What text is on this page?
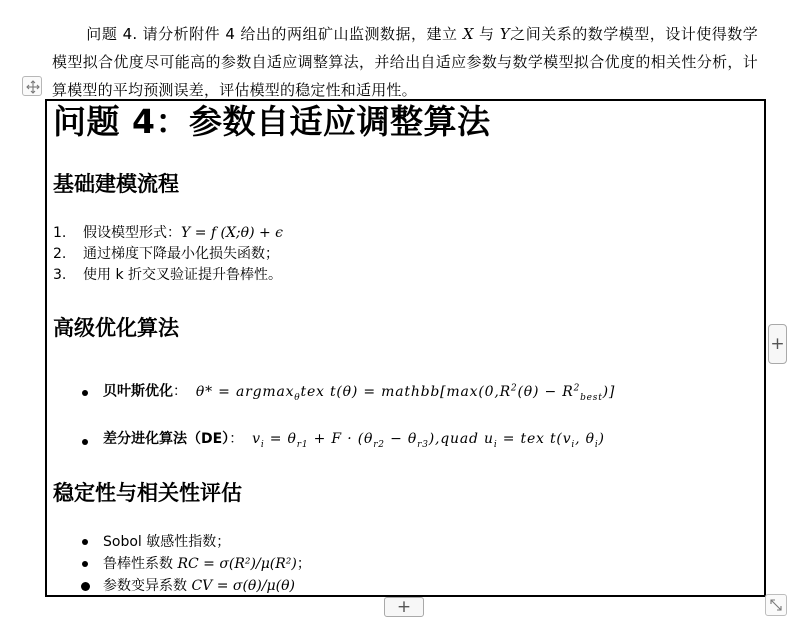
问题 4. 请分析附件 4 给出的两组矿山监测数据，建立 X 与 Y之间关系的数学模型，设计使得数学模型拟合优度尽可能高的参数自适应调整算法，并给出自适应参数与数学模型拟合优度的相关性分析，计算模型的平均预测误差，评估模型的稳定性和适用性。
问题 4：参数自适应调整算法
基础建模流程
1. 假设模型形式：Y = f (X;θ) + ϵ
2. 通过梯度下降最小化损失函数；
3. 使用 k 折交叉验证提升鲁棒性。
高级优化算法
贝叶斯优化： θ* = argmax$_\theta$tex $t(\theta) = mathbb[\max(0,R^2(\theta) - R^2_{best})]$
差分进化算法（DE）： $v_i = \theta_{r1} + F \cdot (\theta_{r2}$ − $\theta_{r3}),quad$ $u_i$ = tex $t(v_i$, $\theta_i$)
稳定性与相关性评估
Sobol 敏感性指数；
鲁棒性系数 RC = σ(R²)/μ(R²)；
参数变异系数 CV = σ(θ)/μ(θ)
+
+
